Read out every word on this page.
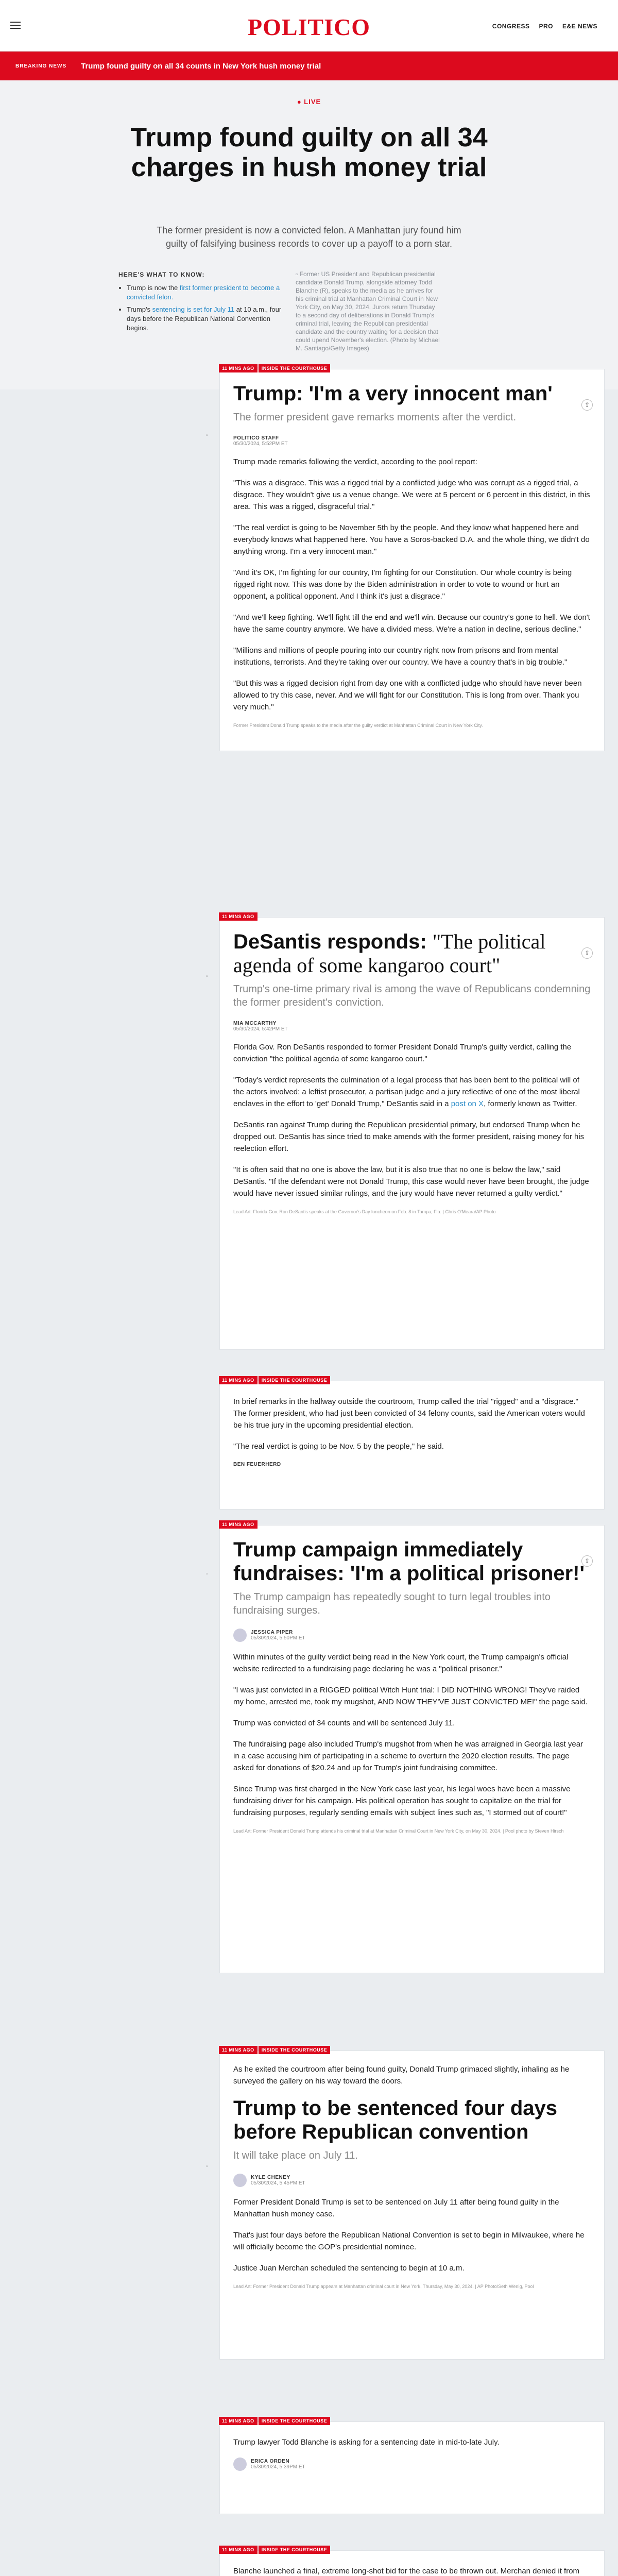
POLITICO	CONGRESS PRO E&E NEWS
BREAKING NEWS Trump found guilty on all 34 counts in New York hush money trial
● LIVE
Trump found guilty on all 34 charges in hush money trial

The former president is now a convicted felon. A Manhattan jury found him guilty of falsifying business records to cover up a payoff to a porn star.

HERE'S WHAT TO KNOW:
• Trump is now the first former president to become a convicted felon.
• Trump's sentencing is set for July 11 at 10 a.m., four days before the Republican National Convention begins.
▫ Former US President and Republican presidential candidate Donald Trump, alongside attorney Todd Blanche (R), speaks to the media as he arrives for his criminal trial at Manhattan Criminal Court in New York City, on May 30, 2024. Jurors return Thursday to a second day of deliberations in Donald Trump's criminal trial, leaving the Republican presidential candidate and the country waiting for a decision that could upend November's election. (Photo by Michael M. Santiago/Getty Images)
▫
11 MINS AGO	INSIDE THE COURTHOUSE
⇪
Trump: 'I'm a very innocent man'

The former president gave remarks moments after the verdict.

POLITICO STAFF
05/30/2024, 5:52PM ET

Trump made remarks following the verdict, according to the pool report:

"This was a disgrace. This was a rigged trial by a conflicted judge who was corrupt as a rigged trial, a disgrace. They wouldn't give us a venue change. We were at 5 percent or 6 percent in this district, in this area. This was a rigged, disgraceful trial."

"The real verdict is going to be November 5th by the people. And they know what happened here and everybody knows what happened here. You have a Soros-backed D.A. and the whole thing, we didn't do anything wrong. I'm a very innocent man."

"And it's OK, I'm fighting for our country, I'm fighting for our Constitution. Our whole country is being rigged right now. This was done by the Biden administration in order to vote to wound or hurt an opponent, a political opponent. And I think it's just a disgrace."

"And we'll keep fighting. We'll fight till the end and we'll win. Because our country's gone to hell. We don't have the same country anymore. We have a divided mess. We're a nation in decline, serious decline."

"Millions and millions of people pouring into our country right now from prisons and from mental institutions, terrorists. And they're taking over our country. We have a country that's in big trouble."

"But this was a rigged decision right from day one with a conflicted judge who should have never been allowed to try this case, never. And we will fight for our Constitution. This is long from over. Thank you very much."

Former President Donald Trump speaks to the media after the guilty verdict at Manhattan Criminal Court in New York City.

▫
11 MINS AGO
⇪
DeSantis responds: "The political agenda of some kangaroo court"

Trump's one-time primary rival is among the wave of Republicans condemning the former president's conviction.

MIA MCCARTHY
05/30/2024, 5:42PM ET

Florida Gov. Ron DeSantis responded to former President Donald Trump's guilty verdict, calling the conviction "the political agenda of some kangaroo court."

"Today's verdict represents the culmination of a legal process that has been bent to the political will of the actors involved: a leftist prosecutor, a partisan judge and a jury reflective of one of the most liberal enclaves in the effort to 'get' Donald Trump," DeSantis said in a post on X, formerly known as Twitter.

DeSantis ran against Trump during the Republican presidential primary, but endorsed Trump when he dropped out. DeSantis has since tried to make amends with the former president, raising money for his reelection effort.

"It is often said that no one is above the law, but it is also true that no one is below the law," said DeSantis. "If the defendant were not Donald Trump, this case would never have been brought, the judge would have never issued similar rulings, and the jury would have never returned a guilty verdict."

Lead Art: Florida Gov. Ron DeSantis speaks at the Governor's Day luncheon on Feb. 8 in Tampa, Fla. | Chris O'Meara/AP Photo

11 MINS AGO	INSIDE THE COURTHOUSE

In brief remarks in the hallway outside the courtroom, Trump called the trial "rigged" and a "disgrace." The former president, who had just been convicted of 34 felony counts, said the American voters would be his true jury in the upcoming presidential election.

"The real verdict is going to be Nov. 5 by the people," he said.

BEN FEUERHERD
▫
11 MINS AGO
⇪
Trump campaign immediately fundraises: 'I'm a political prisoner!'

The Trump campaign has repeatedly sought to turn legal troubles into fundraising surges.

JESSICA PIPER
05/30/2024, 5:50PM ET

Within minutes of the guilty verdict being read in the New York court, the Trump campaign's official website redirected to a fundraising page declaring he was a "political prisoner."

"I was just convicted in a RIGGED political Witch Hunt trial: I DID NOTHING WRONG! They've raided my home, arrested me, took my mugshot, AND NOW THEY'VE JUST CONVICTED ME!" the page said.

Trump was convicted of 34 counts and will be sentenced July 11.

The fundraising page also included Trump's mugshot from when he was arraigned in Georgia last year in a case accusing him of participating in a scheme to overturn the 2020 election results. The page asked for donations of $20.24 and up for Trump's joint fundraising committee.

Since Trump was first charged in the New York case last year, his legal woes have been a massive fundraising driver for his campaign. His political operation has sought to capitalize on the trial for fundraising purposes, regularly sending emails with subject lines such as, "I stormed out of court!"

Lead Art: Former President Donald Trump attends his criminal trial at Manhattan Criminal Court in New York City, on May 30, 2024. | Pool photo by Steven Hirsch

▫
11 MINS AGO	INSIDE THE COURTHOUSE

As he exited the courtroom after being found guilty, Donald Trump grimaced slightly, inhaling as he surveyed the gallery on his way toward the doors.

Trump to be sentenced four days before Republican convention

It will take place on July 11.

KYLE CHENEY
05/30/2024, 5:45PM ET

Former President Donald Trump is set to be sentenced on July 11 after being found guilty in the Manhattan hush money case.

That's just four days before the Republican National Convention is set to begin in Milwaukee, where he will officially become the GOP's presidential nominee.

Justice Juan Merchan scheduled the sentencing to begin at 10 a.m.

Lead Art: Former President Donald Trump appears at Manhattan criminal court in New York, Thursday, May 30, 2024. | AP Photo/Seth Wenig, Pool

11 MINS AGO	INSIDE THE COURTHOUSE

Trump lawyer Todd Blanche is asking for a sentencing date in mid-to-late July.

ERICA ORDEN
05/30/2024, 5:39PM ET
11 MINS AGO	INSIDE THE COURTHOUSE

Blanche launched a final, extreme long-shot bid for the case to be thrown out. Merchan denied it from
